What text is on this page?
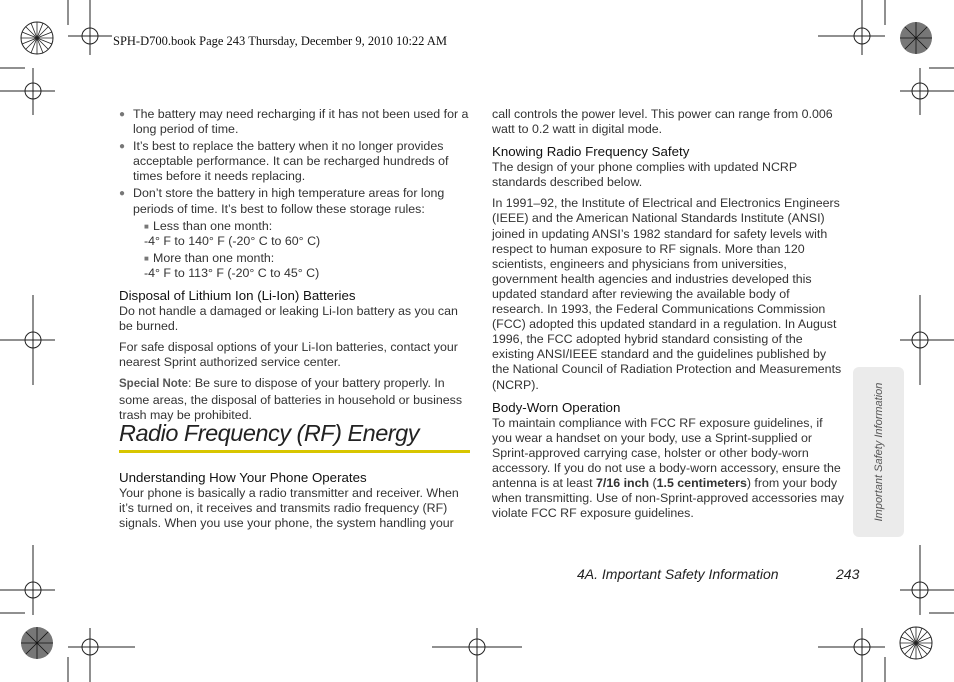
SPH-D700.book Page 243 Thursday, December 9, 2010 10:22 AM
● The battery may need recharging if it has not been used for a long period of time.
● It’s best to replace the battery when it no longer provides acceptable performance. It can be recharged hundreds of times before it needs replacing.
● Don’t store the battery in high temperature areas for long periods of time. It’s best to follow these storage rules:
■ Less than one month:
-4° F to 140° F (-20° C to 60° C)
■ More than one month:
-4° F to 113° F (-20° C to 45° C)
Disposal of Lithium Ion (Li-Ion) Batteries

Do not handle a damaged or leaking Li-Ion battery as you can be burned.

For safe disposal options of your Li-Ion batteries, contact your nearest Sprint authorized service center.

Special Note: Be sure to dispose of your battery properly. In some areas, the disposal of batteries in household or business trash may be prohibited.

Radio Frequency (RF) Energy
Understanding How Your Phone Operates

Your phone is basically a radio transmitter and receiver. When it’s turned on, it receives and transmits radio frequency (RF) signals. When you use your phone, the system handling your

call controls the power level. This power can range from 0.006 watt to 0.2 watt in digital mode.

Knowing Radio Frequency Safety

The design of your phone complies with updated NCRP standards described below.

In 1991–92, the Institute of Electrical and Electronics Engineers (IEEE) and the American National Standards Institute (ANSI) joined in updating ANSI’s 1982 standard for safety levels with respect to human exposure to RF signals. More than 120 scientists, engineers and physicians from universities, government health agencies and industries developed this updated standard after reviewing the available body of research. In 1993, the Federal Communications Commission (FCC) adopted this updated standard in a regulation. In August 1996, the FCC adopted hybrid standard consisting of the existing ANSI/IEEE standard and the guidelines published by the National Council of Radiation Protection and Measurements (NCRP).

Body-Worn Operation

To maintain compliance with FCC RF exposure guidelines, if you wear a handset on your body, use a Sprint-supplied or Sprint-approved carrying case, holster or other body-worn accessory. If you do not use a body-worn accessory, ensure the antenna is at least 7/16 inch (1.5 centimeters) from your body when transmitting. Use of non-Sprint-approved accessories may violate FCC RF exposure guidelines.	Important Safety Information
4A. Important Safety Information	243
